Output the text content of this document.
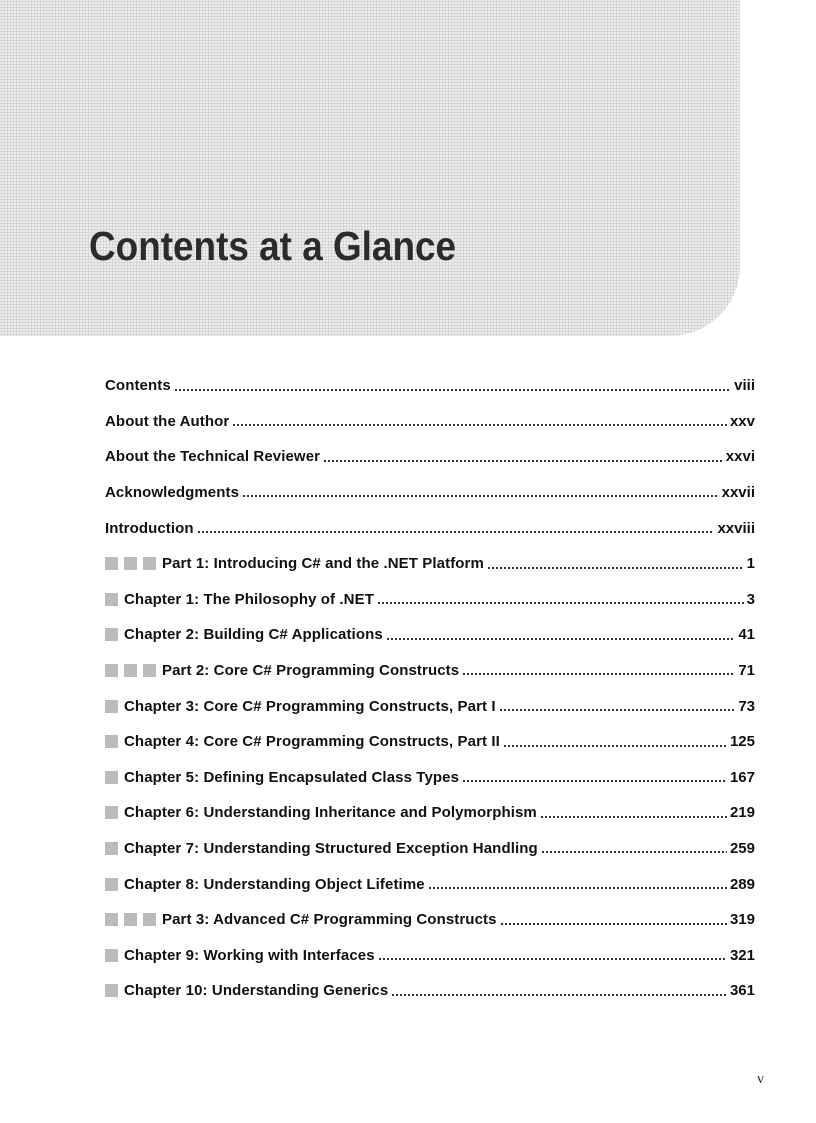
Contents at a Glance
Contents	viii
About the Author	xxv
About the Technical Reviewer	xxvi
Acknowledgments	xxvii
Introduction	xxviii
Part 1: Introducing C# and the .NET Platform	1
Chapter 1: The Philosophy of .NET	3
Chapter 2: Building C# Applications	41
Part 2: Core C# Programming Constructs	71
Chapter 3: Core C# Programming Constructs, Part I	73
Chapter 4: Core C# Programming Constructs, Part II	125
Chapter 5: Defining Encapsulated Class Types	167
Chapter 6: Understanding Inheritance and Polymorphism	219
Chapter 7: Understanding Structured Exception Handling	259
Chapter 8: Understanding Object Lifetime	289
Part 3: Advanced C# Programming Constructs	319
Chapter 9: Working with Interfaces	321
Chapter 10: Understanding Generics	361

v
